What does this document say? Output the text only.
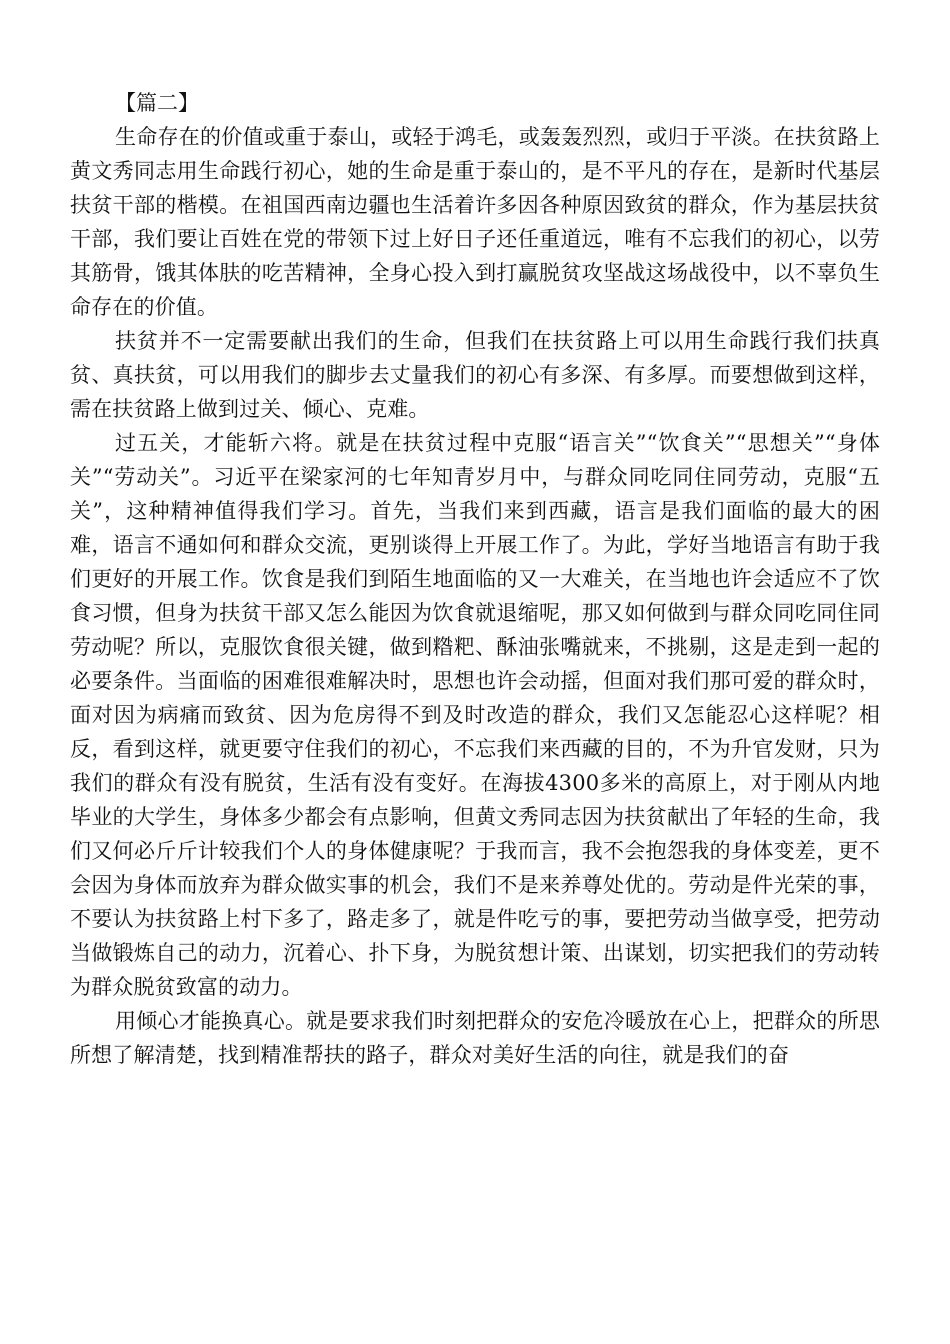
【篇二】

生命存在的价值或重于泰山，或轻于鸿毛，或轰轰烈烈，或归于平淡。在扶贫路上黄文秀同志用生命践行初心，她的生命是重于泰山的，是不平凡的存在，是新时代基层扶贫干部的楷模。在祖国西南边疆也生活着许多因各种原因致贫的群众，作为基层扶贫干部，我们要让百姓在党的带领下过上好日子还任重道远，唯有不忘我们的初心，以劳其筋骨，饿其体肤的吃苦精神，全身心投入到打赢脱贫攻坚战这场战役中，以不辜负生命存在的价值。

扶贫并不一定需要献出我们的生命，但我们在扶贫路上可以用生命践行我们扶真贫、真扶贫，可以用我们的脚步去丈量我们的初心有多深、有多厚。而要想做到这样，需在扶贫路上做到过关、倾心、克难。

过五关，才能斩六将。就是在扶贫过程中克服“语言关”“饮食关”“思想关”“身体关”“劳动关”。习近平在梁家河的七年知青岁月中，与群众同吃同住同劳动，克服“五关”，这种精神值得我们学习。首先，当我们来到西藏，语言是我们面临的最大的困难，语言不通如何和群众交流，更别谈得上开展工作了。为此，学好当地语言有助于我们更好的开展工作。饮食是我们到陌生地面临的又一大难关，在当地也许会适应不了饮食习惯，但身为扶贫干部又怎么能因为饮食就退缩呢，那又如何做到与群众同吃同住同劳动呢？所以，克服饮食很关键，做到糌粑、酥油张嘴就来，不挑剔，这是走到一起的必要条件。当面临的困难很难解决时，思想也许会动摇，但面对我们那可爱的群众时，面对因为病痛而致贫、因为危房得不到及时改造的群众，我们又怎能忍心这样呢？相反，看到这样，就更要守住我们的初心，不忘我们来西藏的目的，不为升官发财，只为我们的群众有没有脱贫，生活有没有变好。在海拔4300多米的高原上，对于刚从内地毕业的大学生，身体多少都会有点影响，但黄文秀同志因为扶贫献出了年轻的生命，我们又何必斤斤计较我们个人的身体健康呢？于我而言，我不会抱怨我的身体变差，更不会因为身体而放弃为群众做实事的机会，我们不是来养尊处优的。劳动是件光荣的事，不要认为扶贫路上村下多了，路走多了，就是件吃亏的事，要把劳动当做享受，把劳动当做锻炼自己的动力，沉着心、扑下身，为脱贫想计策、出谋划，切实把我们的劳动转为群众脱贫致富的动力。

用倾心才能换真心。就是要求我们时刻把群众的安危冷暖放在心上，把群众的所思所想了解清楚，找到精准帮扶的路子，群众对美好生活的向往，就是我们的奋
